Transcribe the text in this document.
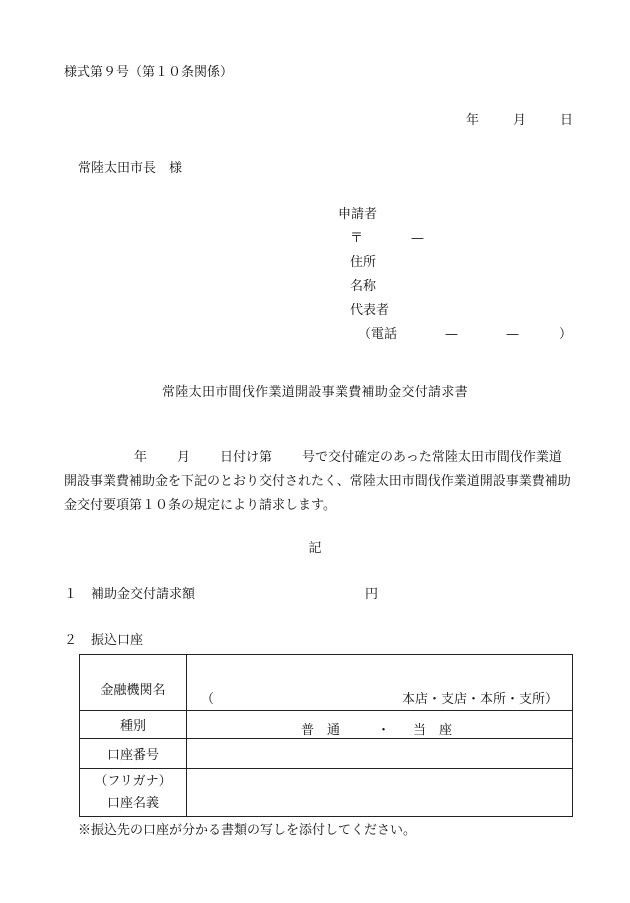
様式第９号（第１０条関係）
年	月	日
常陸太田市長　様
申請者
〒	—
住所
名称
代表者
（電話	—	—	）
常陸太田市間伐作業道開設事業費補助金交付請求書
年 月 日付け第 号で交付確定のあった常陸太田市間伐作業道開設事業費補助金を下記のとおり交付されたく、常陸太田市間伐作業道開設事業費補助金交付要項第１０条の規定により請求します。
記
１ 補助金交付請求額	円
２ 振込口座
金融機関名	（ 本店・支店・本所・支所）

種別	普　通 ・ 当　座

口座番号	

（フリガナ）
口座名義	

※振込先の口座が分かる書類の写しを添付してください。
